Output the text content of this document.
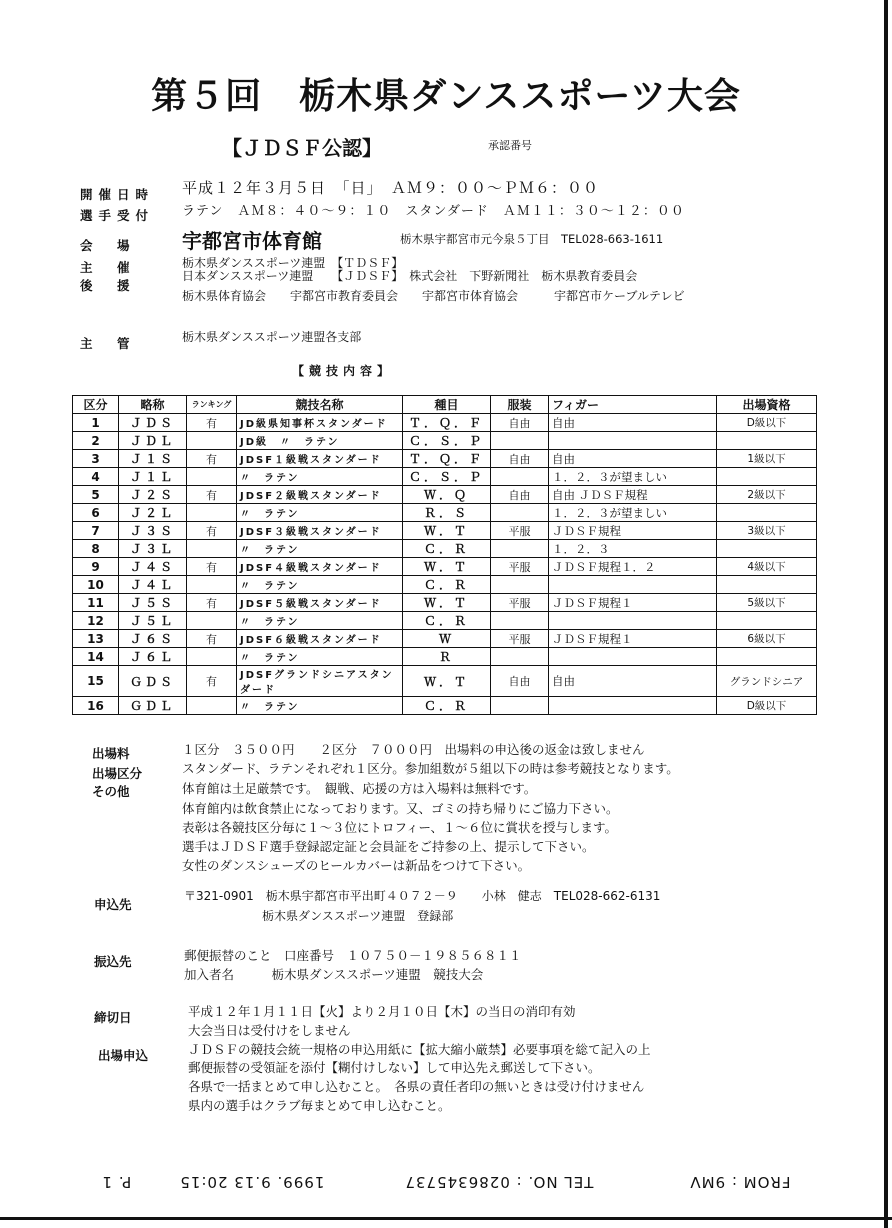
第５回　栃木県ダンススポーツ大会
【ＪＤＳＦ公認】	承認番号
開催日時 平成１２年３月５日　「日」　ＡＭ９：００～ＰＭ６：００
選手受付 ラテン　ＡＭ８：４０～９：１０　スタンダード　ＡＭ１１：３０～１２：００
会　場 宇都宮市体育館	栃木県宇都宮市元今泉５丁目　TEL028-663-1611
主　催	栃木県ダンススポーツ連盟　【ＴＤＳＦ】
後　援
日本ダンススポーツ連盟　　【ＪＤＳＦ】　株式会社　下野新聞社　栃木県教育委員会
栃木県体育協会　　宇都宮市教育委員会　　宇都宮市体育協会　　　宇都宮市ケーブルテレビ
主　管	栃木県ダンススポーツ連盟各支部
【競技内容】
区分	略称	ランキング	競技名称	種目	服装	フィガー	出場資格
1	ＪＤＳ	有	JD級県知事杯スタンダード	Ｔ．Ｑ．Ｆ	自由	自由	D級以下
2	ＪＤＬ		JD級　〃　ラテン	Ｃ．Ｓ．Ｐ			
3	Ｊ１Ｓ	有	JDSF１級戦スタンダード	Ｔ．Ｑ．Ｆ	自由	自由	1級以下
4	Ｊ１Ｌ		〃　ラテン	Ｃ．Ｓ．Ｐ		１．２．３が望ましい	
5	Ｊ２Ｓ	有	JDSF２級戦スタンダード	Ｗ．Ｑ	自由	自由 ＪＤＳＦ規程	2級以下
6	Ｊ２Ｌ		〃　ラテン	Ｒ．Ｓ		１．２．３が望ましい	
7	Ｊ３Ｓ	有	JDSF３級戦スタンダード	Ｗ．Ｔ	平服	ＪＤＳＦ規程	3級以下
8	Ｊ３Ｌ		〃　ラテン	Ｃ．Ｒ		１．２．３	
9	Ｊ４Ｓ	有	JDSF４級戦スタンダード	Ｗ．Ｔ	平服	ＪＤＳＦ規程１．２	4級以下
10	Ｊ４Ｌ		〃　ラテン	Ｃ．Ｒ			
11	Ｊ５Ｓ	有	JDSF５級戦スタンダード	Ｗ．Ｔ	平服	ＪＤＳＦ規程１	5級以下
12	Ｊ５Ｌ		〃　ラテン	Ｃ．Ｒ			
13	Ｊ６Ｓ	有	JDSF６級戦スタンダード	Ｗ	平服	ＪＤＳＦ規程１	6級以下
14	Ｊ６Ｌ		〃　ラテン	Ｒ			
15	ＧＤＳ	有	JDSFグランドシニアスタンダード	Ｗ．Ｔ	自由	自由	グランドシニア
16	ＧＤＬ		〃　ラテン	Ｃ．Ｒ			D級以下
出場料	１区分　３５００円　　２区分　７０００円　出場料の申込後の返金は致しません
出場区分	スタンダード、ラテンそれぞれ１区分。参加組数が５組以下の時は参考競技となります。
その他	体育館は土足厳禁です。　観戦、応援の方は入場料は無料です。
体育館内は飲食禁止になっております。又、ゴミの持ち帰りにご協力下さい。
表彰は各競技区分毎に１～３位にトロフィー、１～６位に賞状を授与します。
選手はＪＤＳＦ選手登録認定証と会員証をご持参の上、提示して下さい。
女性のダンスシューズのヒールカバーは新品をつけて下さい。
申込先
〒321-0901　栃木県宇都宮市平出町４０７２－９　　小林　健志　TEL028-662-6131
栃木県ダンススポーツ連盟　登録部
振込先	郵便振替のこと　口座番号　１０７５０－１９８５６８１１
加入者名　　　栃木県ダンススポーツ連盟　競技大会
締切日	平成１２年１月１１日【火】より２月１０日【木】の当日の消印有効
大会当日は受付けをしません
出場申込	ＪＤＳＦの競技会統一規格の申込用紙に【拡大縮小厳禁】必要事項を総て記入の上
郵便振替の受領証を添付【糊付けしない】して申込先え郵送して下さい。
各県で一括まとめて申し込むこと。　各県の責任者印の無いときは受け付けません
県内の選手はクラブ毎まとめて申し込むこと。
FROM : 9MV　　　　　　TEL NO. : 0286345737　　　　　1999. 9.13 20:15　　　P. 1
